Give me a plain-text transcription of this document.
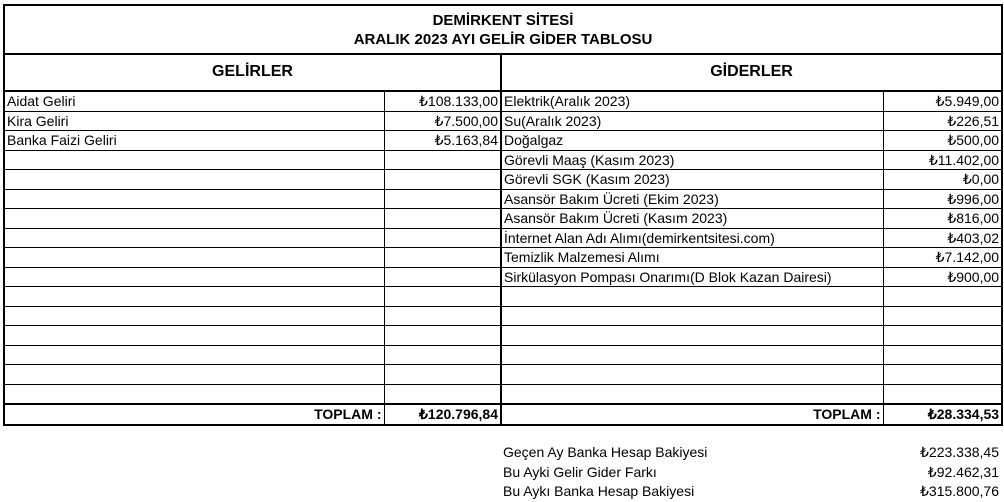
DEMİRKENT SİTESİ
ARALIK 2023 AYI GELİR GİDER TABLOSU			

GELİRLER		GİDERLER	
Aidat Geliri	₺108.133,00	Elektrik(Aralık 2023)	₺5.949,00
Kira Geliri	₺7.500,00	Su(Aralık 2023)	₺226,51
Banka Faizi Geliri	₺5.163,84	Doğalgaz	₺500,00
		Görevli Maaş (Kasım 2023)	₺11.402,00
		Görevli SGK (Kasım 2023)	₺0,00
		Asansör Bakım Ücreti (Ekim 2023)	₺996,00
		Asansör Bakım Ücreti (Kasım 2023)	₺816,00
		İnternet Alan Adı Alımı(demirkentsitesi.com)	₺403,02
		Temizlik Malzemesi Alımı	₺7.142,00
		Sirkülasyon Pompası Onarımı(D Blok Kazan Dairesi)	₺900,00

TOPLAM :	₺120.796,84	TOPLAM :	₺28.334,53
Geçen Ay Banka Hesap Bakiyesi	₺223.338,45
Bu Ayki Gelir Gider Farkı	₺92.462,31
Bu Aykı Banka Hesap Bakiyesi	₺315.800,76
